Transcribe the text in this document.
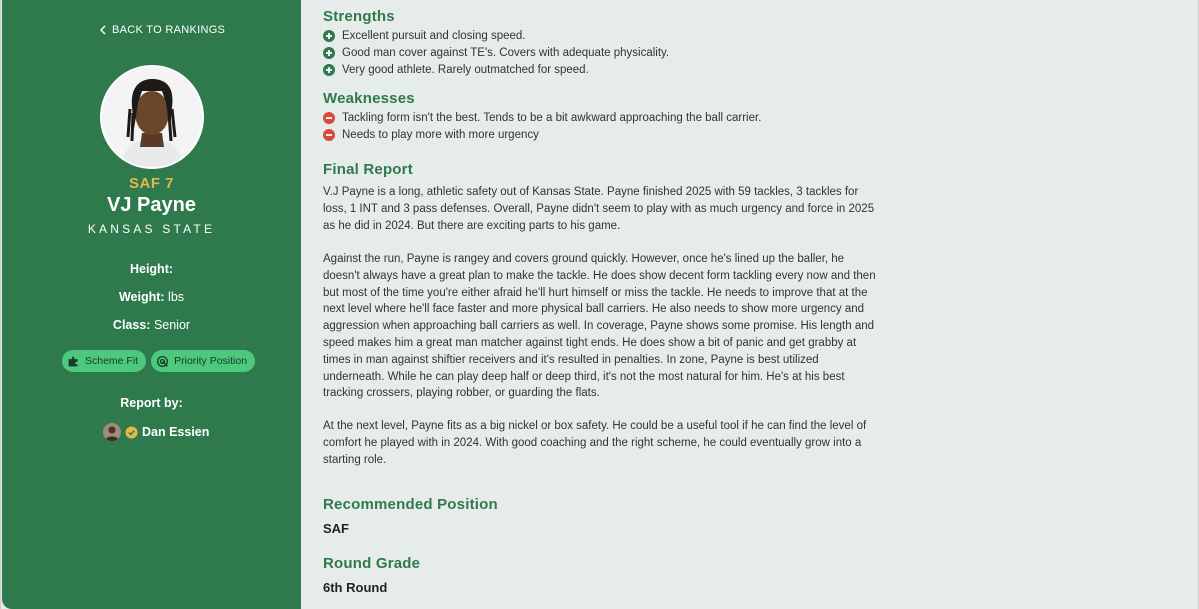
BACK TO RANKINGS
SAF 7
VJ Payne
KANSAS STATE
Height:
Weight: lbs
Class: Senior
Scheme Fit	Priority Position
Report by:
Dan Essien
Strengths
Excellent pursuit and closing speed.
Good man cover against TE's. Covers with adequate physicality.
Very good athlete. Rarely outmatched for speed.
Weaknesses
Tackling form isn't the best. Tends to be a bit awkward approaching the ball carrier.
Needs to play more with more urgency
Final Report
V.J Payne is a long, athletic safety out of Kansas State. Payne finished 2025 with 59 tackles, 3 tackles for loss, 1 INT and 3 pass defenses. Overall, Payne didn't seem to play with as much urgency and force in 2025 as he did in 2024. But there are exciting parts to his game.
Against the run, Payne is rangey and covers ground quickly. However, once he's lined up the baller, he doesn't always have a great plan to make the tackle. He does show decent form tackling every now and then but most of the time you're either afraid he'll hurt himself or miss the tackle. He needs to improve that at the next level where he'll face faster and more physical ball carriers. He also needs to show more urgency and aggression when approaching ball carriers as well. In coverage, Payne shows some promise. His length and speed makes him a great man matcher against tight ends. He does show a bit of panic and get grabby at times in man against shiftier receivers and it's resulted in penalties. In zone, Payne is best utilized underneath. While he can play deep half or deep third, it's not the most natural for him. He's at his best tracking crossers, playing robber, or guarding the flats.
At the next level, Payne fits as a big nickel or box safety. He could be a useful tool if he can find the level of comfort he played with in 2024. With good coaching and the right scheme, he could eventually grow into a starting role.
Recommended Position
SAF
Round Grade
6th Round
